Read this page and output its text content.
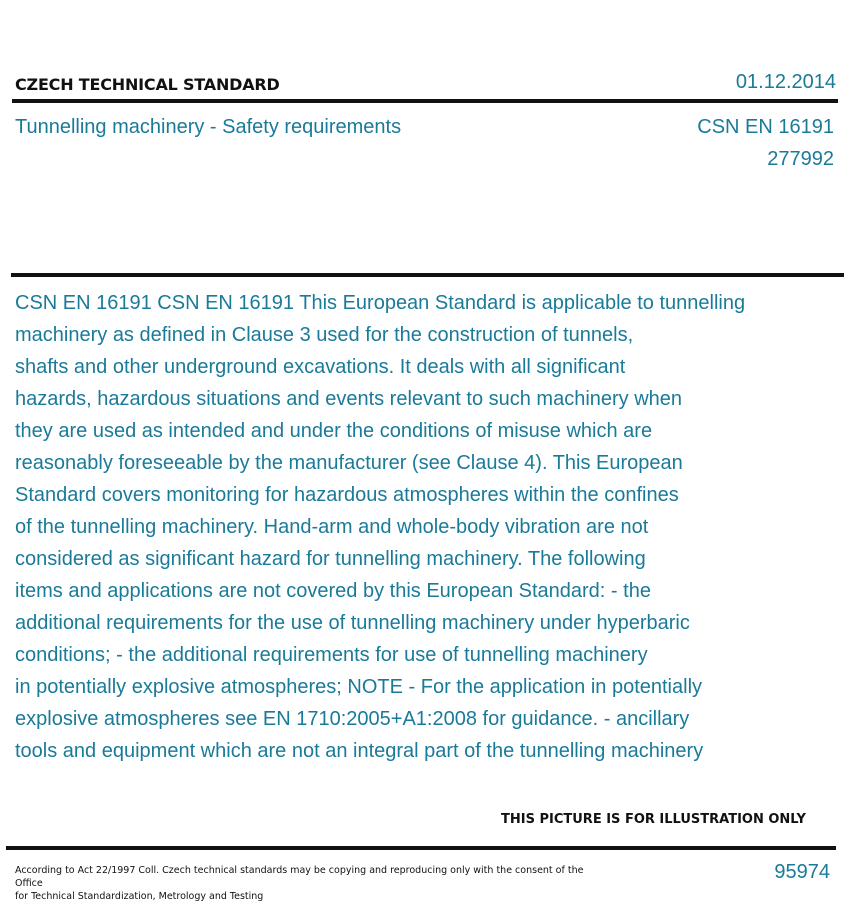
CZECH TECHNICAL STANDARD	01.12.2014
Tunnelling machinery - Safety requirements	CSN EN 16191
277992

CSN EN 16191 CSN EN 16191 This European Standard is applicable to tunnelling
machinery as defined in Clause 3 used for the construction of tunnels,
shafts and other underground excavations. It deals with all significant
hazards, hazardous situations and events relevant to such machinery when
they are used as intended and under the conditions of misuse which are
reasonably foreseeable by the manufacturer (see Clause 4). This European
Standard covers monitoring for hazardous atmospheres within the confines
of the tunnelling machinery. Hand-arm and whole-body vibration are not
considered as significant hazard for tunnelling machinery. The following
items and applications are not covered by this European Standard: - the
additional requirements for the use of tunnelling machinery under hyperbaric
conditions; - the additional requirements for use of tunnelling machinery
in potentially explosive atmospheres; NOTE - For the application in potentially
explosive atmospheres see EN 1710:2005+A1:2008 for guidance. - ancillary
tools and equipment which are not an integral part of the tunnelling machinery

THIS PICTURE IS FOR ILLUSTRATION ONLY
According to Act 22/1997 Coll. Czech technical standards may be copying and reproducing only with the consent of the Office
for Technical Standardization, Metrology and Testing
95974
